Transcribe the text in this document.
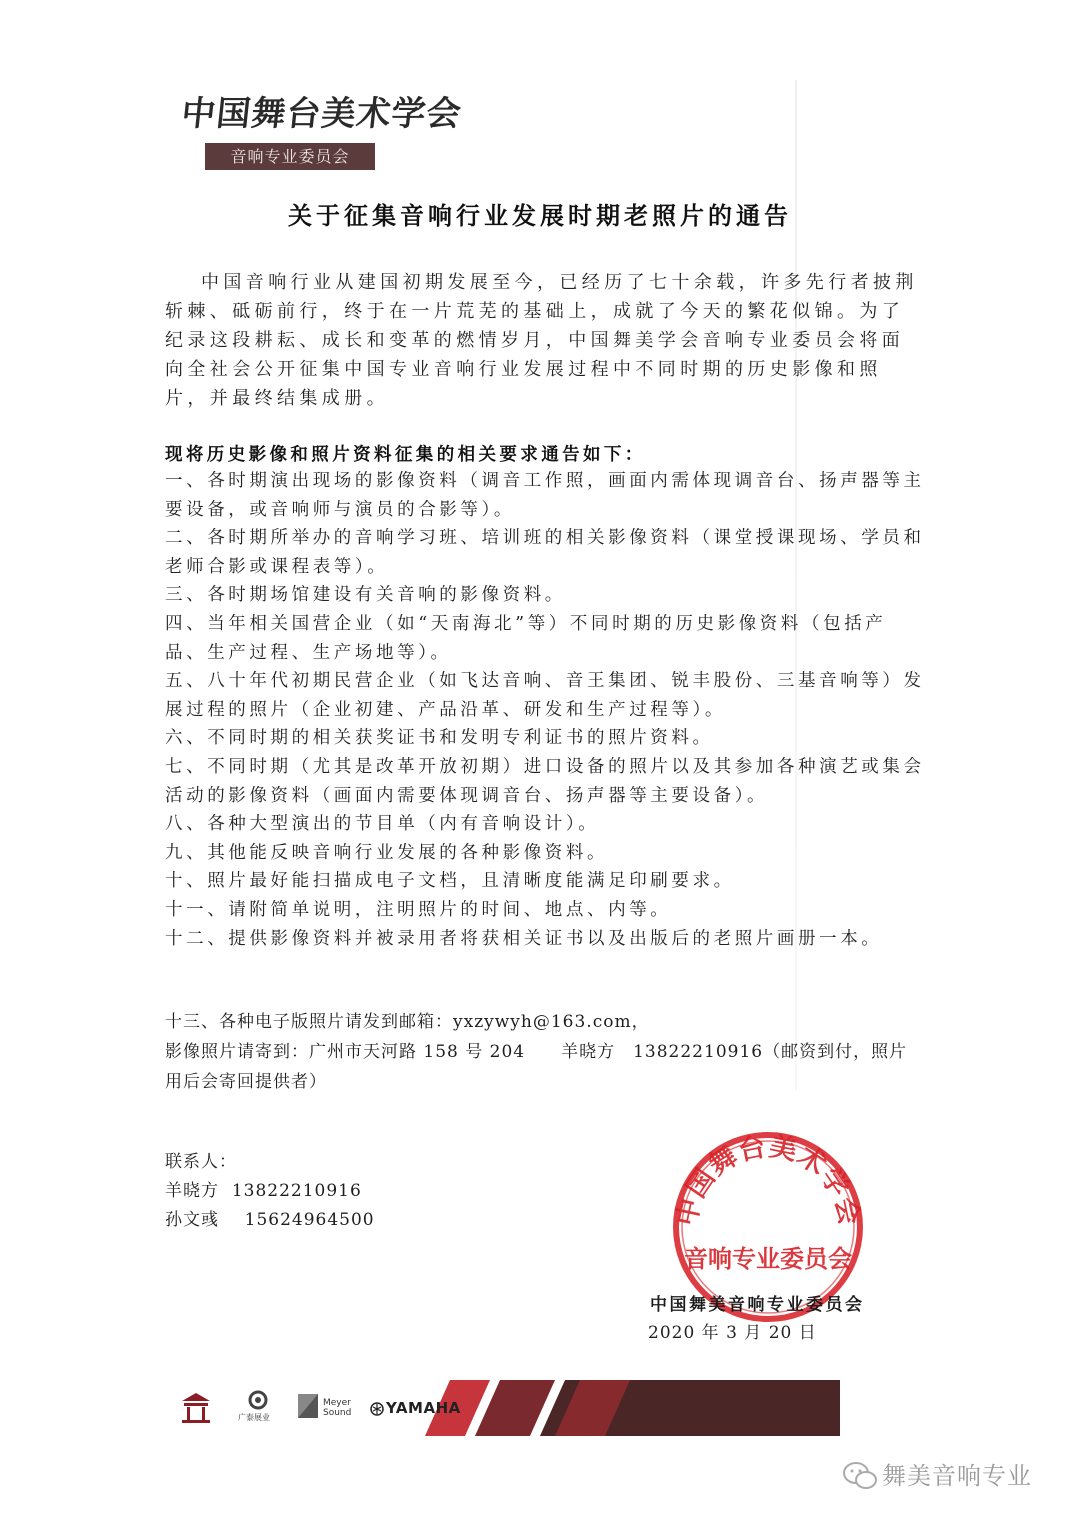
中国舞台美术学会
音响专业委员会
关于征集音响行业发展时期老照片的通告
中国音响行业从建国初期发展至今，已经历了七十余载，许多先行者披荆斩棘、砥砺前行，终于在一片荒芜的基础上，成就了今天的繁花似锦。为了纪录这段耕耘、成长和变革的燃情岁月，中国舞美学会音响专业委员会将面向全社会公开征集中国专业音响行业发展过程中不同时期的历史影像和照片，并最终结集成册。
现将历史影像和照片资料征集的相关要求通告如下：
一、各时期演出现场的影像资料（调音工作照，画面内需体现调音台、扬声器等主要设备，或音响师与演员的合影等）。
二、各时期所举办的音响学习班、培训班的相关影像资料（课堂授课现场、学员和老师合影或课程表等）。
三、各时期场馆建设有关音响的影像资料。
四、当年相关国营企业（如“天南海北”等）不同时期的历史影像资料（包括产品、生产过程、生产场地等）。
五、八十年代初期民营企业（如飞达音响、音王集团、锐丰股份、三基音响等）发展过程的照片（企业初建、产品沿革、研发和生产过程等）。
六、不同时期的相关获奖证书和发明专利证书的照片资料。
七、不同时期（尤其是改革开放初期）进口设备的照片以及其参加各种演艺或集会活动的影像资料（画面内需要体现调音台、扬声器等主要设备）。
八、各种大型演出的节目单（内有音响设计）。
九、其他能反映音响行业发展的各种影像资料。
十、照片最好能扫描成电子文档，且清晰度能满足印刷要求。
十一、请附简单说明，注明照片的时间、地点、内等。
十二、提供影像资料并被录用者将获相关证书以及出版后的老照片画册一本。

十三、各种电子版照片请发到邮箱：yxzywyh@163.com，

影像照片请寄到：广州市天河路 158 号 204　　羊晓方　13822210916（邮资到付，照片用后会寄回提供者）

联系人：
羊晓方 13822210916
孙文彧 15624964500	中国舞台美术学会
音响专业委员会
中国舞美音响专业委员会
2020 年 3 月 20 日
广泰展业
Meyer Sound	YAMAHA
舞美音响专业
